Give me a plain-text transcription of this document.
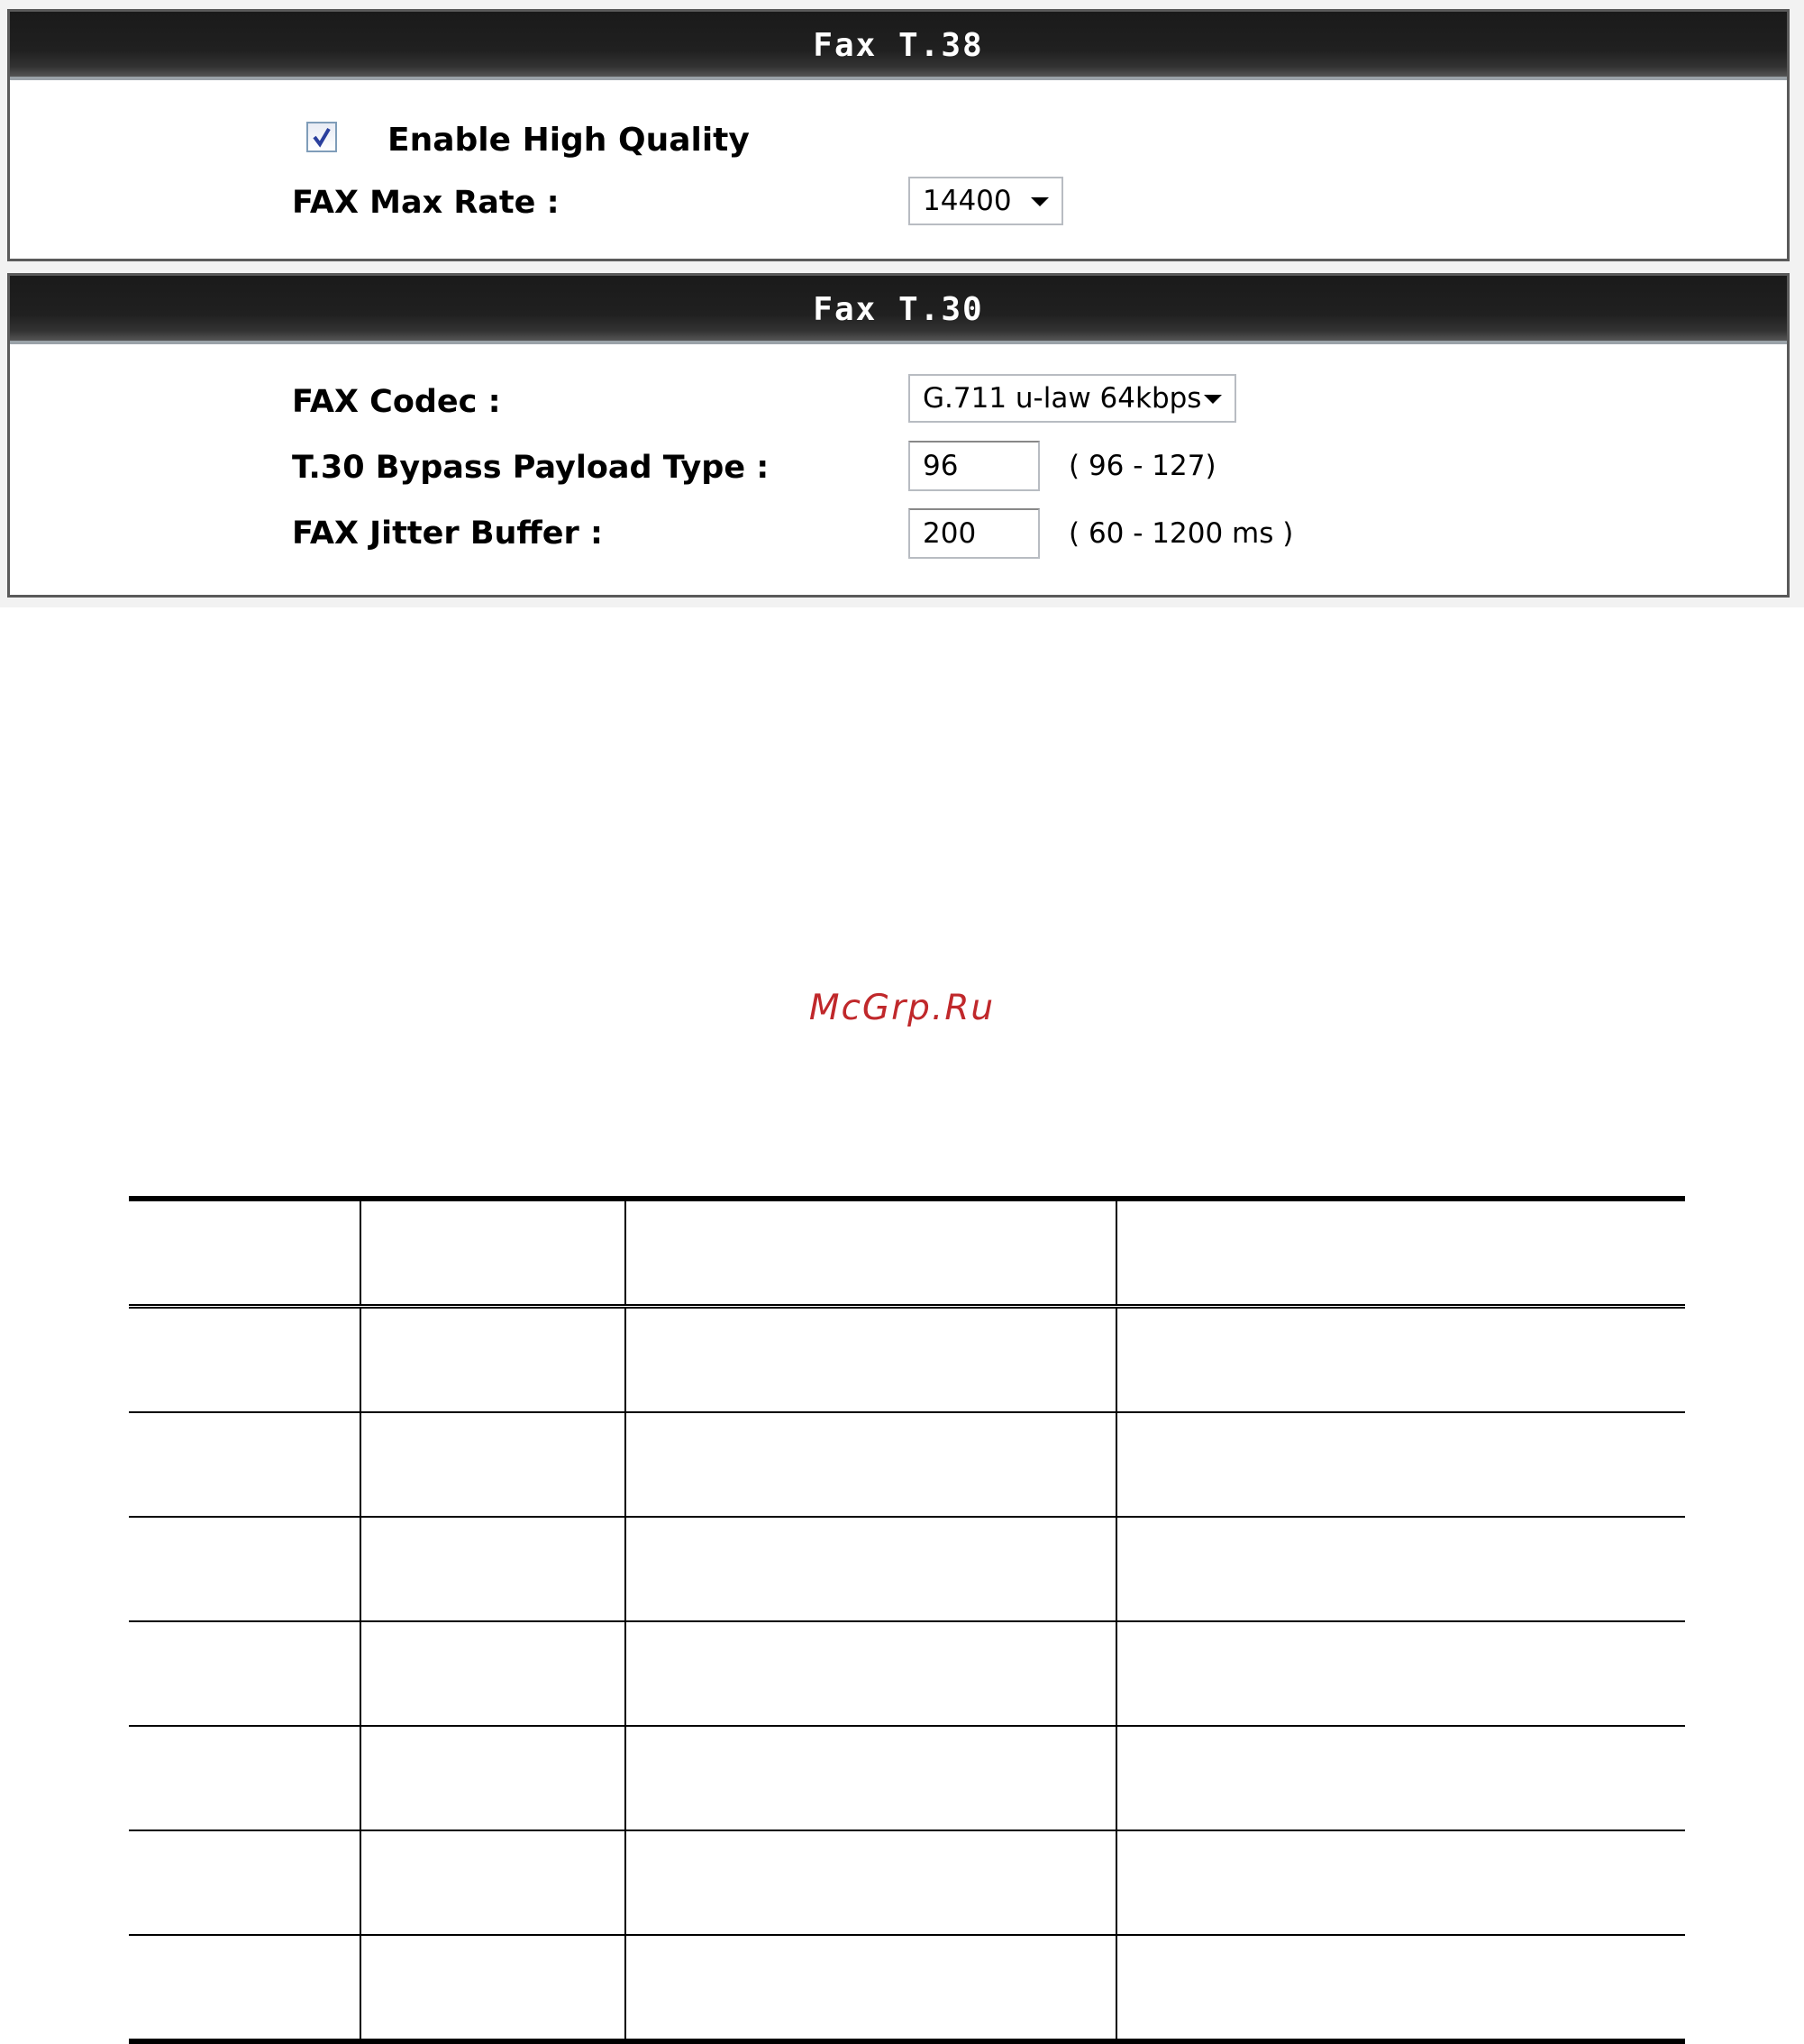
Fax T.38
Enable High Quality
FAX Max Rate :	14400
Fax T.30
FAX Codec :	G.711 u-law 64kbps
T.30 Bypass Payload Type :	96	( 96 - 127)
FAX Jitter Buffer :	200	( 60 - 1200 ms )
McGrp.Ru
